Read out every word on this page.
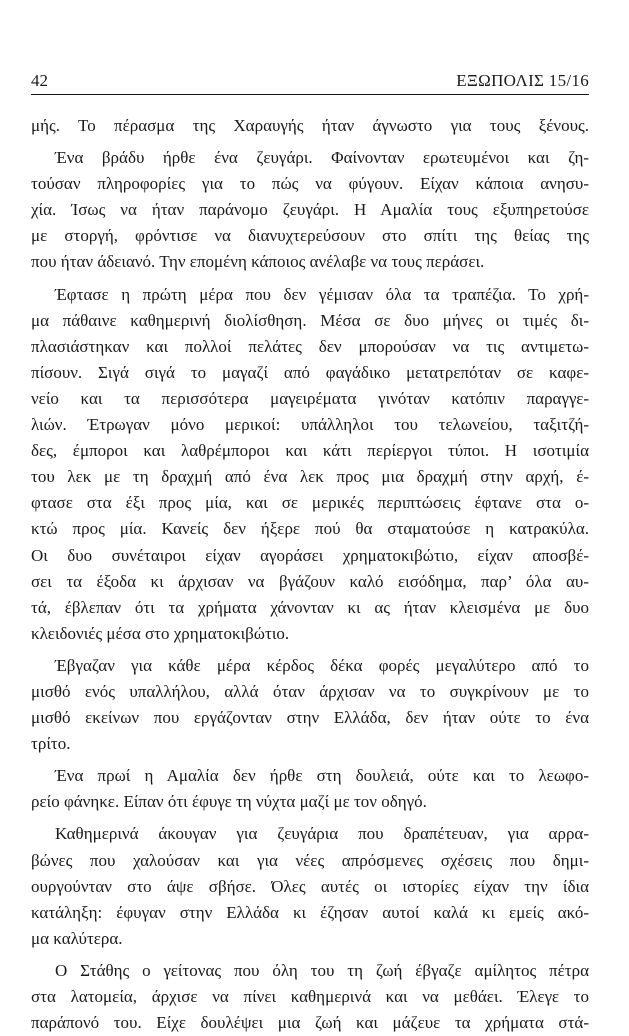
42	ΕΞΩΠΟΛΙΣ 15/16
μής. Το πέρασμα της Χαραυγής ήταν άγνωστο για τους ξένους.
Ένα βράδυ ήρθε ένα ζευγάρι. Φαίνονταν ερωτευμένοι και ζη-
τούσαν πληροφορίες για το πώς να φύγουν. Είχαν κάποια ανησυ-
χία. Ίσως να ήταν παράνομο ζευγάρι. Η Αμαλία τους εξυπηρετούσε
με στοργή, φρόντισε να διανυχτερεύσουν στο σπίτι της θείας της
που ήταν άδειανό. Την επομένη κάποιος ανέλαβε να τους περάσει.
Έφτασε η πρώτη μέρα που δεν γέμισαν όλα τα τραπέζια. Το χρή-
μα πάθαινε καθημερινή διολίσθηση. Μέσα σε δυο μήνες οι τιμές δι-
πλασιάστηκαν και πολλοί πελάτες δεν μπορούσαν να τις αντιμετω-
πίσουν. Σιγά σιγά το μαγαζί από φαγάδικο μετατρεπόταν σε καφε-
νείο και τα περισσότερα μαγειρέματα γινόταν κατόπιν παραγγε-
λιών. Έτρωγαν μόνο μερικοί: υπάλληλοι του τελωνείου, ταξιτζή-
δες, έμποροι και λαθρέμποροι και κάτι περίεργοι τύποι. Η ισοτιμία
του λεκ με τη δραχμή από ένα λεκ προς μια δραχμή στην αρχή, έ-
φτασε στα έξι προς μία, και σε μερικές περιπτώσεις έφτανε στα ο-
κτώ προς μία. Κανείς δεν ήξερε πού θα σταματούσε η κατρακύλα.
Οι δυο συνέταιροι είχαν αγοράσει χρηματοκιβώτιο, είχαν αποσβέ-
σει τα έξοδα κι άρχισαν να βγάζουν καλό εισόδημα, παρ’ όλα αυ-
τά, έβλεπαν ότι τα χρήματα χάνονταν κι ας ήταν κλεισμένα με δυο
κλειδονιές μέσα στο χρηματοκιβώτιο.
Έβγαζαν για κάθε μέρα κέρδος δέκα φορές μεγαλύτερο από το
μισθό ενός υπαλλήλου, αλλά όταν άρχισαν να το συγκρίνουν με το
μισθό εκείνων που εργάζονταν στην Ελλάδα, δεν ήταν ούτε το ένα
τρίτο.
Ένα πρωί η Αμαλία δεν ήρθε στη δουλειά, ούτε και το λεωφο-
ρείο φάνηκε. Είπαν ότι έφυγε τη νύχτα μαζί με τον οδηγό.
Καθημερινά άκουγαν για ζευγάρια που δραπέτευαν, για αρρα-
βώνες που χαλούσαν και για νέες απρόσμενες σχέσεις που δημι-
ουργούνταν στο άψε σβήσε. Όλες αυτές οι ιστορίες είχαν την ίδια
κατάληξη: έφυγαν στην Ελλάδα κι έζησαν αυτοί καλά κι εμείς ακό-
μα καλύτερα.
Ο Στάθης ο γείτονας που όλη του τη ζωή έβγαζε αμίλητος πέτρα
στα λατομεία, άρχισε να πίνει καθημερινά και να μεθάει. Έλεγε το
παράπονό του. Είχε δουλέψει μια ζωή και μάζευε τα χρήματα στά-
